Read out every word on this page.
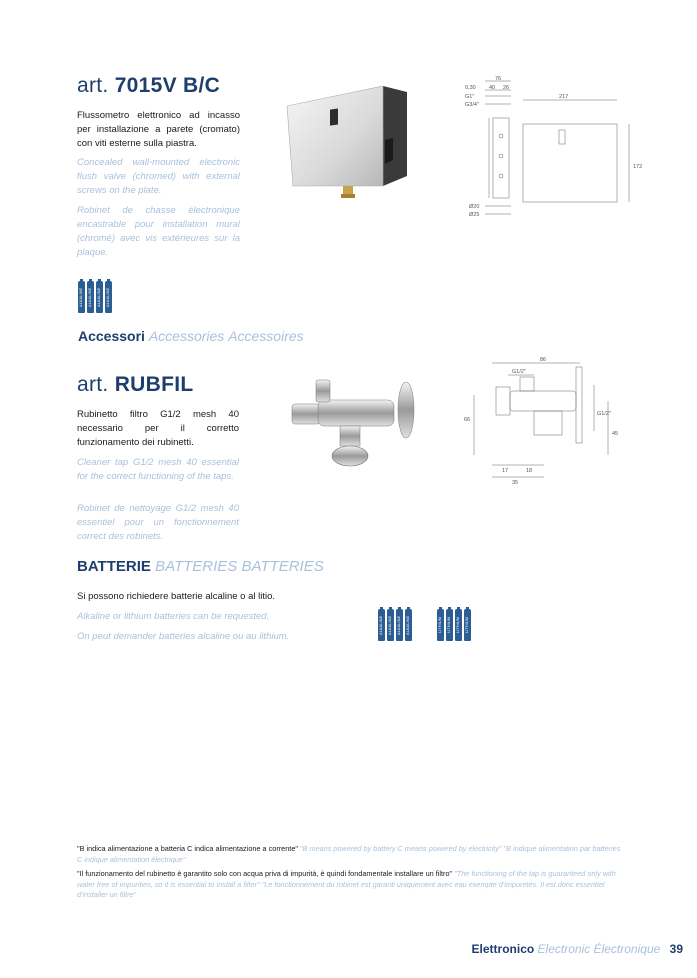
art. 7015V B/C
Flussometro elettronico ad incasso per installazione a parete (cromato) con viti esterne sulla piastra.
Concealed wall-mounted electronic flush valve (chromed) with external screws on the plate.
Robinet de chasse électronique encastrable pour installation mural (chromé) avec vis extérieures sur la plaque.
ALKALINE	ALKALINE	ALKALINE	ALKALINE
76
0,30 40 26
G1"
G3/4"
217
172
Ø20
Ø25
Accessori Accessories Accessoires
art. RUBFIL
Rubinetto filtro G1/2 mesh 40 necessario per il corretto funzionamento dei rubinetti.
Cleaner tap G1/2 mesh 40 essential for the correct functioning of the taps.
Robinet de nettoyage G1/2 mesh 40 essentiel pour un fonctionnement correct des robinets.
86
G1/2"
66
G1/2"
45
17	18
35
BATTERIE BATTERIES BATTERIES
Si possono richiedere batterie alcaline o al litio.
Alkaline or lithium batteries can be requested.
On peut demander batteries alcaline ou au lithium.
ALKALINE	ALKALINE	ALKALINE	ALKALINE	LITHIUM	LITHIUM	LITHIUM	LITHIUM
"B indica alimentazione a batteria C indica alimentazione a corrente" "B means powered by battery C means powered by electricity" "B indique alimentation par batteries C indique alimentation électrique"
"Il funzionamento del rubinetto è garantito solo con acqua priva di impurità, è quindi fondamentale installare un filtro" "The functioning of the tap is guaranteed only with water free of impurities, so it is essential to install a filter" "Le fonctionnement du robinet est garanti uniquement avec eau exempte d'impuretés. Il est donc essentiel d'installer un filtre"
Elettronico Electronic Électronique 39
